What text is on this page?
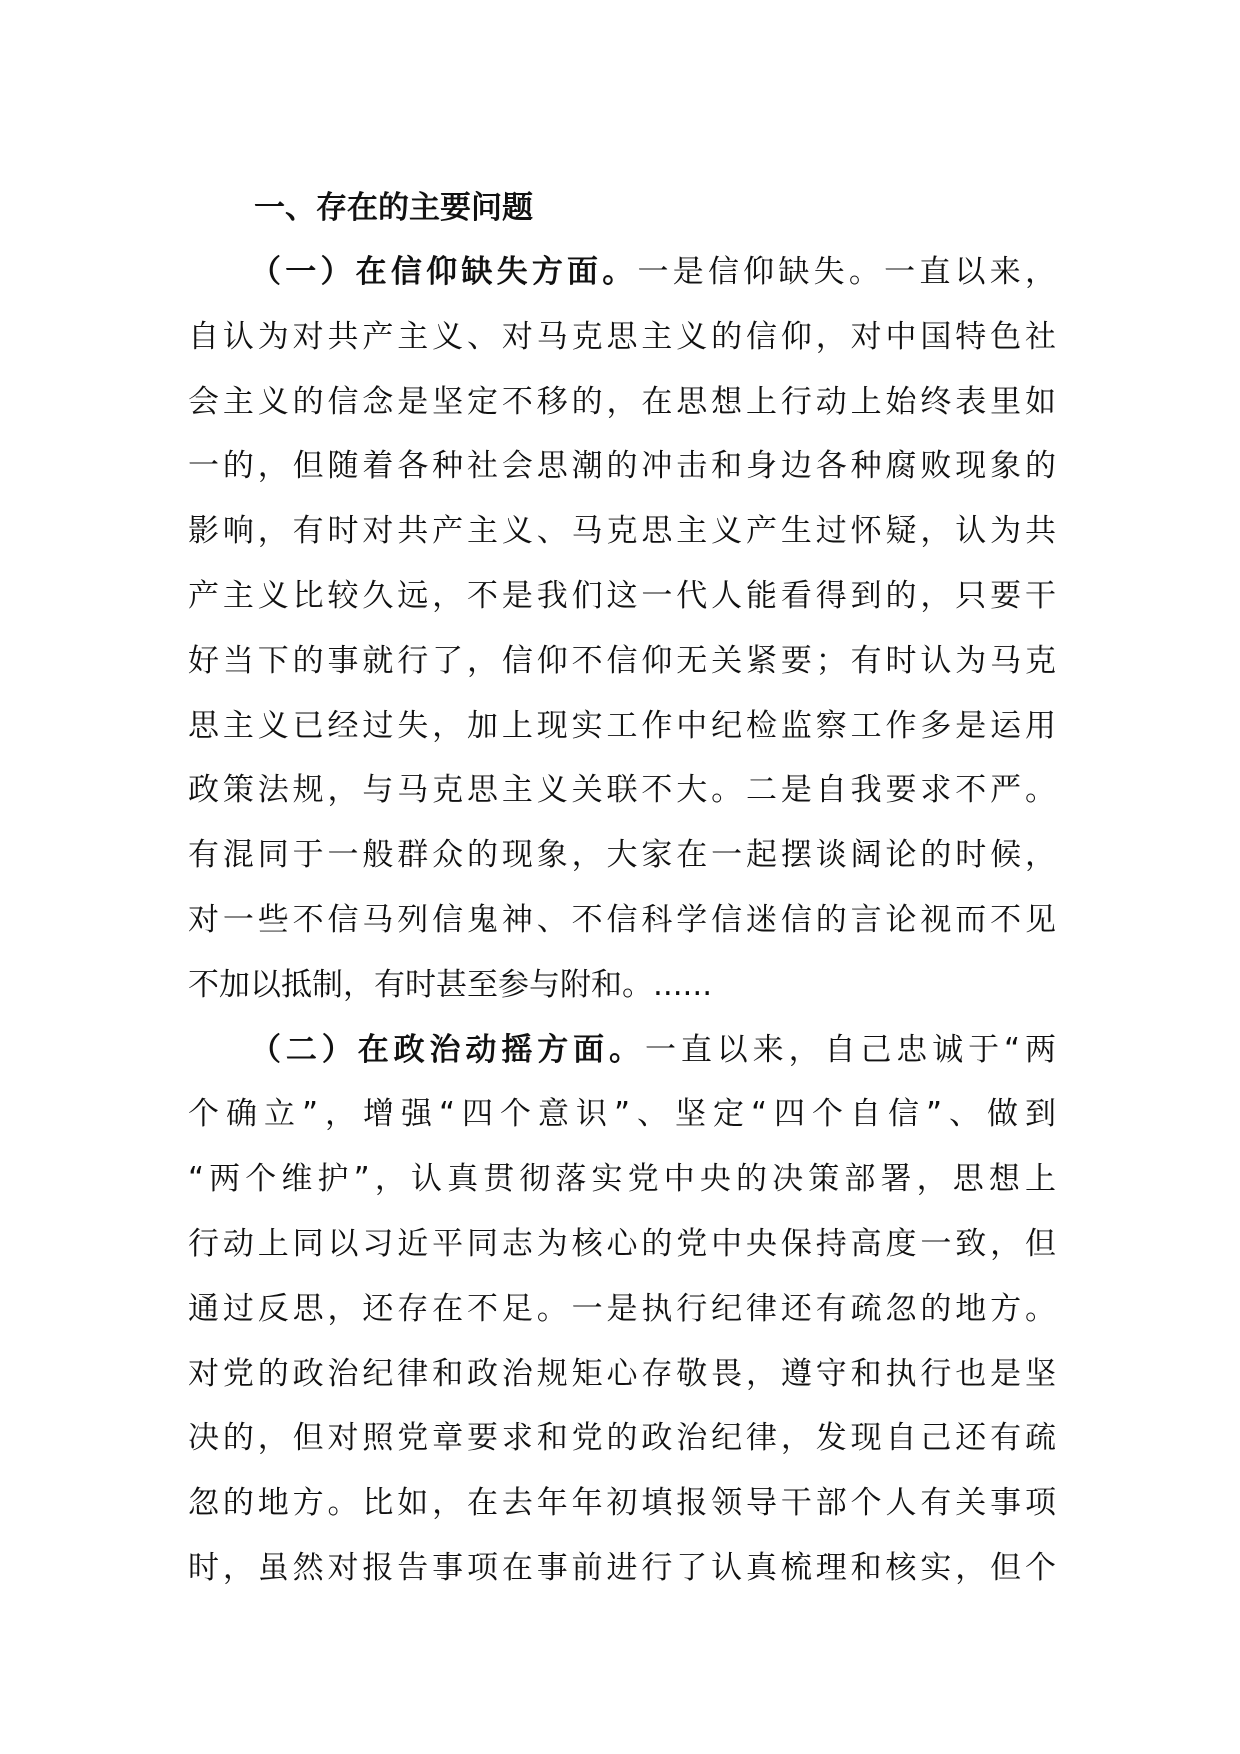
一、存在的主要问题

（一）在信仰缺失方面。一是信仰缺失。一直以来，

自认为对共产主义、对马克思主义的信仰，对中国特色社

会主义的信念是坚定不移的，在思想上行动上始终表里如

一的，但随着各种社会思潮的冲击和身边各种腐败现象的

影响，有时对共产主义、马克思主义产生过怀疑，认为共

产主义比较久远，不是我们这一代人能看得到的，只要干

好当下的事就行了，信仰不信仰无关紧要；有时认为马克

思主义已经过失，加上现实工作中纪检监察工作多是运用

政策法规，与马克思主义关联不大。二是自我要求不严。

有混同于一般群众的现象，大家在一起摆谈阔论的时候，

对一些不信马列信鬼神、不信科学信迷信的言论视而不见

不加以抵制，有时甚至参与附和。......

（二）在政治动摇方面。一直以来，自己忠诚于“两

个确立”，增强“四个意识”、坚定“四个自信”、做到

“两个维护”，认真贯彻落实党中央的决策部署，思想上

行动上同以习近平同志为核心的党中央保持高度一致，但

通过反思，还存在不足。一是执行纪律还有疏忽的地方。

对党的政治纪律和政治规矩心存敬畏，遵守和执行也是坚

决的，但对照党章要求和党的政治纪律，发现自己还有疏

忽的地方。比如，在去年年初填报领导干部个人有关事项

时，虽然对报告事项在事前进行了认真梳理和核实，但个
